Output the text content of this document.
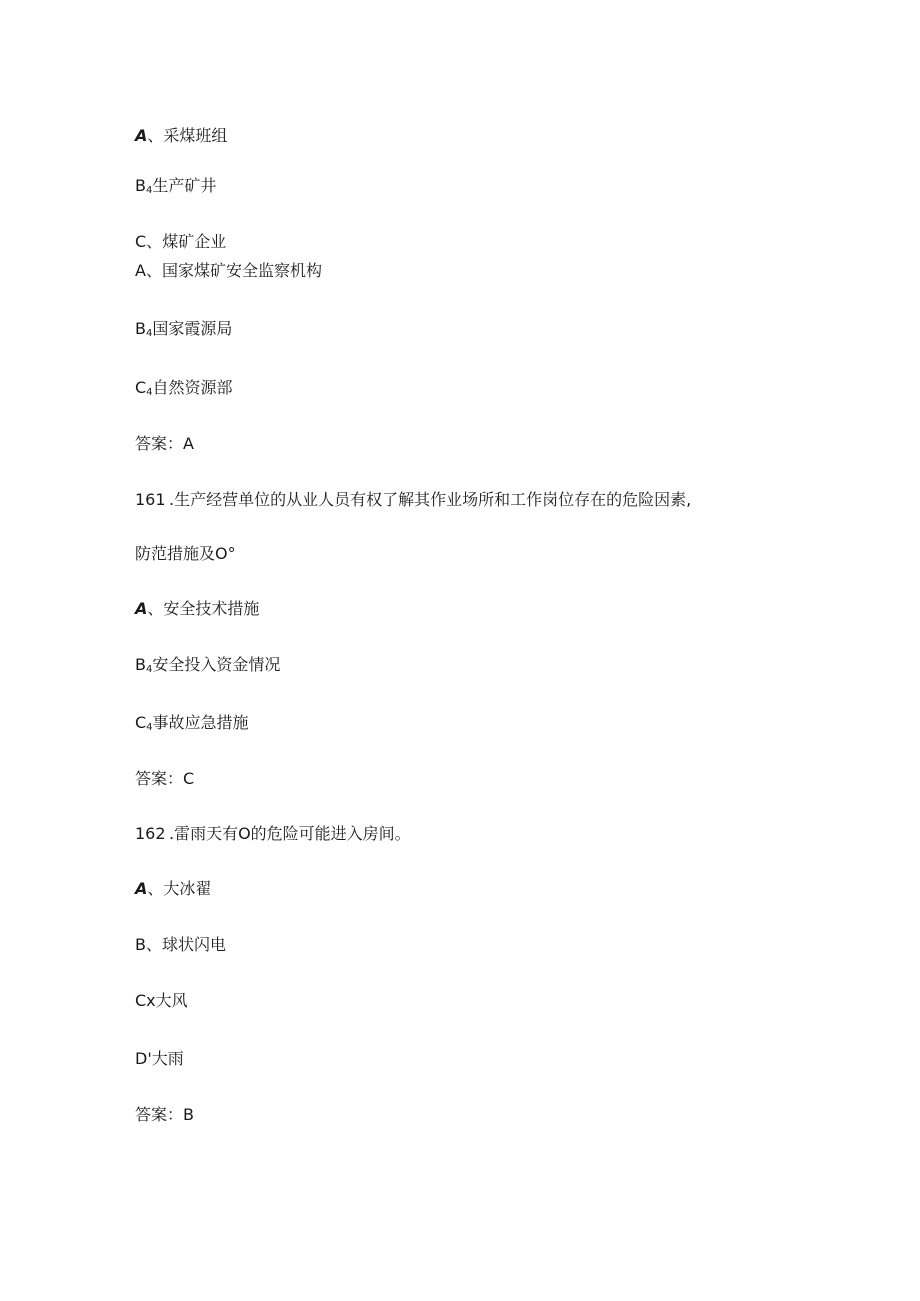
A、采煤班组
$B_4$生产矿井
C、煤矿企业
A、国家煤矿安全监察机构
$B_4$国家霞源局
$C_4$自然资源部
答案：A
161 .生产经营单位的从业人员有权了解其作业场所和工作岗位存在的危险因素,
防范措施及O°
A、安全技术措施
$B_4$安全投入资金情况
$C_4$事故应急措施
答案：C
162 .雷雨天有O的危险可能进入房间。
A、大冰翟
B、球状闪电
Cx大风
D'大雨
答案：B
